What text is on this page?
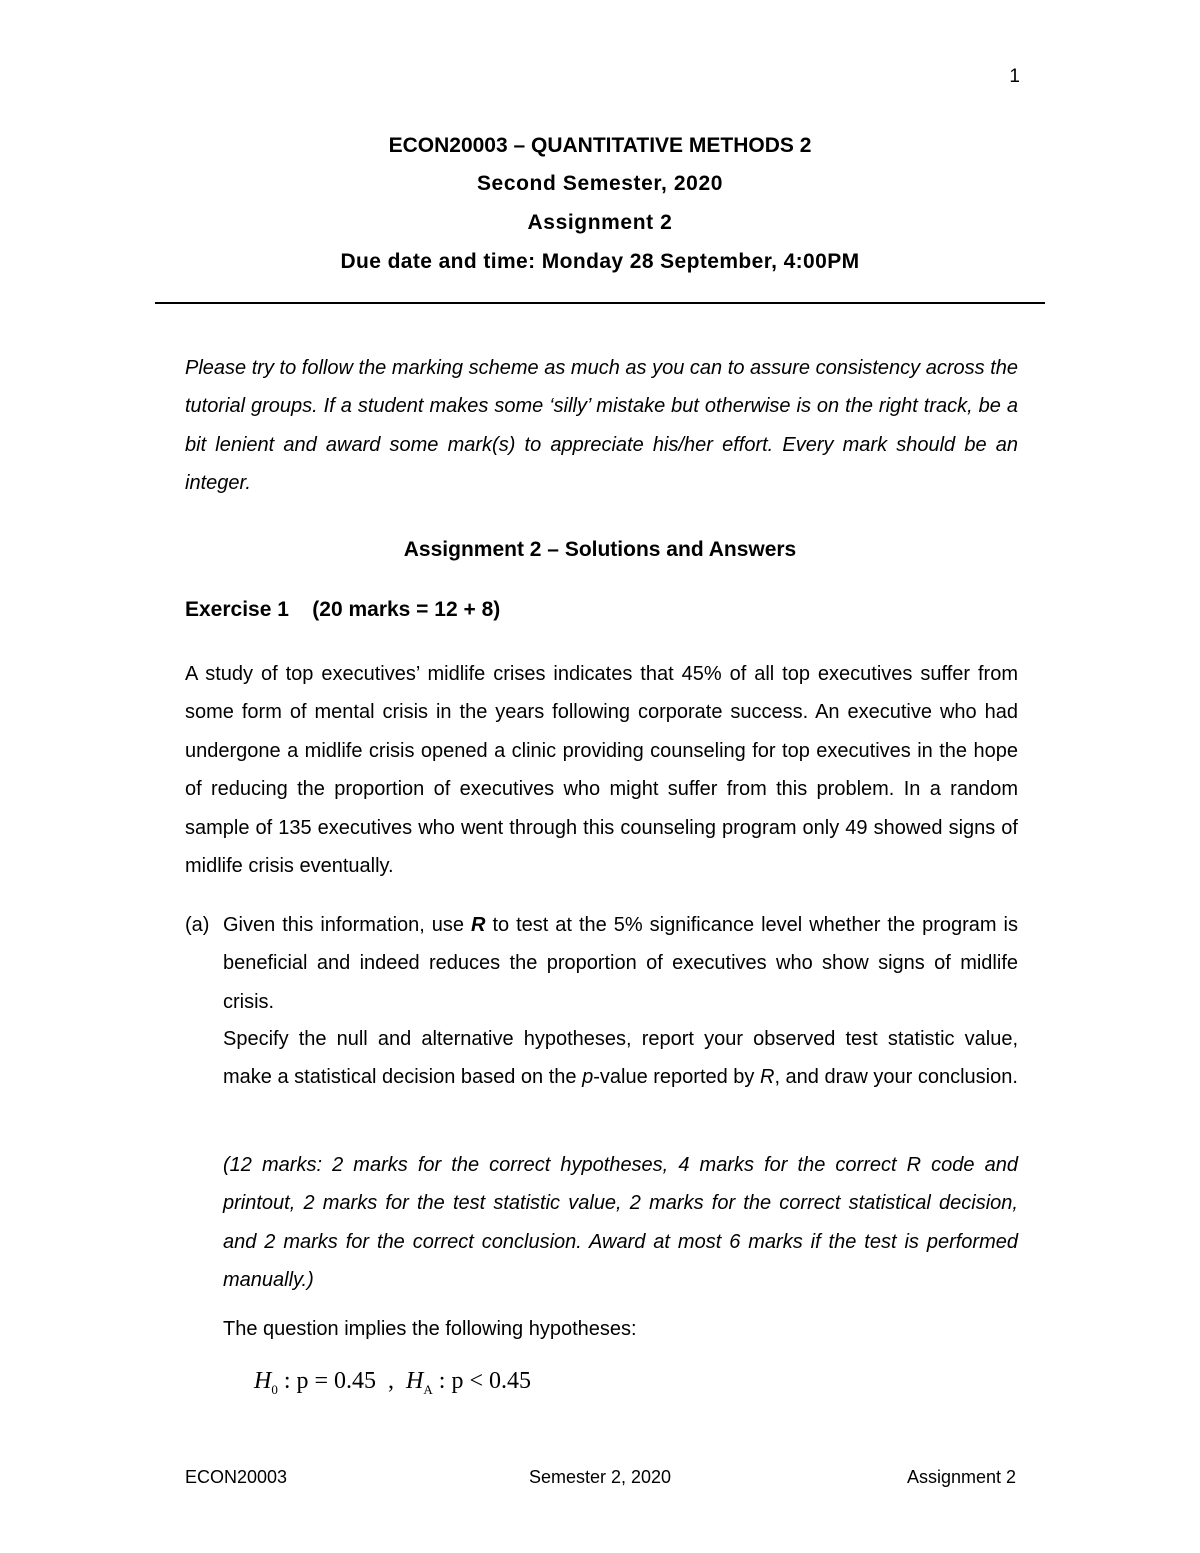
1
ECON20003 – QUANTITATIVE METHODS 2
Second Semester, 2020
Assignment 2
Due date and time: Monday 28 September, 4:00PM
Please try to follow the marking scheme as much as you can to assure consistency across the tutorial groups. If a student makes some ‘silly’ mistake but otherwise is on the right track, be a bit lenient and award some mark(s) to appreciate his/her effort. Every mark should be an integer.
Assignment 2 – Solutions and Answers
Exercise 1 (20 marks = 12 + 8)
A study of top executives’ midlife crises indicates that 45% of all top executives suffer from some form of mental crisis in the years following corporate success. An executive who had undergone a midlife crisis opened a clinic providing counseling for top executives in the hope of reducing the proportion of executives who might suffer from this problem. In a random sample of 135 executives who went through this counseling program only 49 showed signs of midlife crisis eventually.
(a) Given this information, use R to test at the 5% significance level whether the program is beneficial and indeed reduces the proportion of executives who show signs of midlife crisis.
Specify the null and alternative hypotheses, report your observed test statistic value, make a statistical decision based on the p-value reported by R, and draw your conclusion.
(12 marks: 2 marks for the correct hypotheses, 4 marks for the correct R code and printout, 2 marks for the test statistic value, 2 marks for the correct statistical decision, and 2 marks for the correct conclusion. Award at most 6 marks if the test is performed manually.)
The question implies the following hypotheses:
$H_0$ : p = 0.45  ,  $H_A$ : p < 0.45
ECON20003	Semester 2, 2020	Assignment 2
